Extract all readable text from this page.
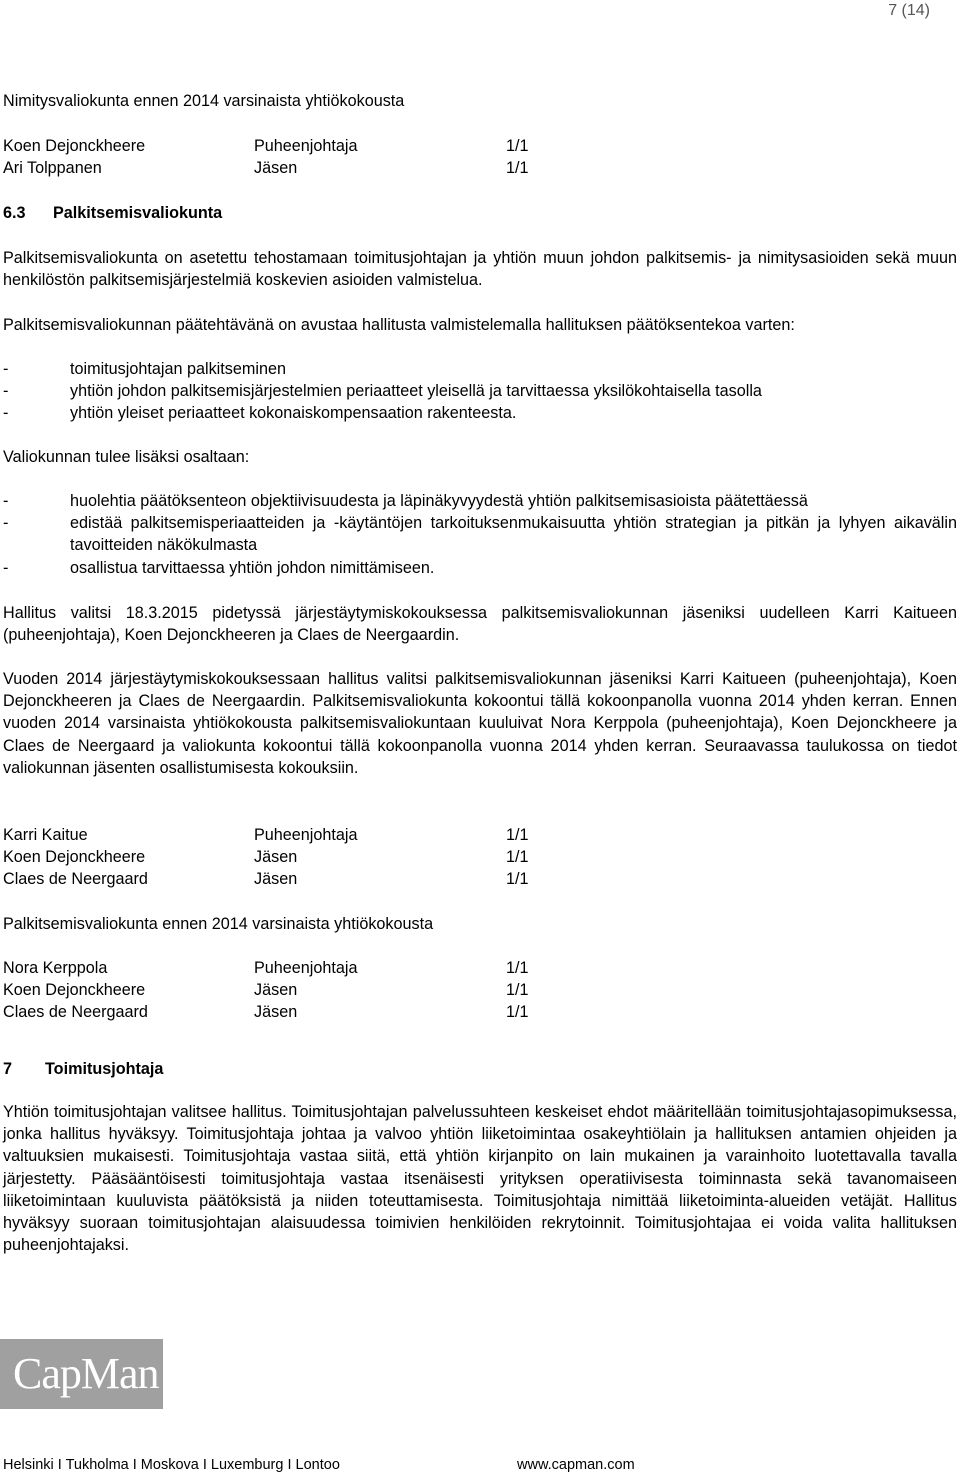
7 (14)

Nimitysvaliokunta ennen 2014 varsinaista yhtiökokousta

Koen Dejonckheere	Puheenjohtaja	1/1
Ari Tolppanen	Jäsen	1/1

6.3 Palkitsemisvaliokunta

Palkitsemisvaliokunta on asetettu tehostamaan toimitusjohtajan ja yhtiön muun johdon palkitsemis- ja nimitysasioiden sekä muun henkilöstön palkitsemisjärjestelmiä koskevien asioiden valmistelua.

Palkitsemisvaliokunnan päätehtävänä on avustaa hallitusta valmistelemalla hallituksen päätöksentekoa varten:

- toimitusjohtajan palkitseminen
- yhtiön johdon palkitsemisjärjestelmien periaatteet yleisellä ja tarvittaessa yksilökohtaisella tasolla
- yhtiön yleiset periaatteet kokonaiskompensaation rakenteesta.

Valiokunnan tulee lisäksi osaltaan:

- huolehtia päätöksenteon objektiivisuudesta ja läpinäkyvyydestä yhtiön palkitsemisasioista päätettäessä
- edistää palkitsemisperiaatteiden ja -käytäntöjen tarkoituksenmukaisuutta yhtiön strategian ja pitkän ja lyhyen aikavälin tavoitteiden näkökulmasta
- osallistua tarvittaessa yhtiön johdon nimittämiseen.

Hallitus valitsi 18.3.2015 pidetyssä järjestäytymiskokouksessa palkitsemisvaliokunnan jäseniksi uudelleen Karri Kaitueen (puheenjohtaja), Koen Dejonckheeren ja Claes de Neergaardin.

Vuoden 2014 järjestäytymiskokouksessaan hallitus valitsi palkitsemisvaliokunnan jäseniksi Karri Kaitueen (puheenjohtaja), Koen Dejonckheeren ja Claes de Neergaardin. Palkitsemisvaliokunta kokoontui tällä kokoonpanolla vuonna 2014 yhden kerran. Ennen vuoden 2014 varsinaista yhtiökokousta palkitsemisvaliokuntaan kuuluivat Nora Kerppola (puheenjohtaja), Koen Dejonckheere ja Claes de Neergaard ja valiokunta kokoontui tällä kokoonpanolla vuonna 2014 yhden kerran. Seuraavassa taulukossa on tiedot valiokunnan jäsenten osallistumisesta kokouksiin.

Karri Kaitue	Puheenjohtaja	1/1
Koen Dejonckheere	Jäsen	1/1
Claes de Neergaard	Jäsen	1/1

Palkitsemisvaliokunta ennen 2014 varsinaista yhtiökokousta

Nora Kerppola	Puheenjohtaja	1/1
Koen Dejonckheere	Jäsen	1/1
Claes de Neergaard	Jäsen	1/1

7 Toimitusjohtaja

Yhtiön toimitusjohtajan valitsee hallitus. Toimitusjohtajan palvelussuhteen keskeiset ehdot määritellään toimitusjohtajasopimuksessa, jonka hallitus hyväksyy. Toimitusjohtaja johtaa ja valvoo yhtiön liiketoimintaa osakeyhtiölain ja hallituksen antamien ohjeiden ja valtuuksien mukaisesti. Toimitusjohtaja vastaa siitä, että yhtiön kirjanpito on lain mukainen ja varainhoito luotettavalla tavalla järjestetty. Pääsääntöisesti toimitusjohtaja vastaa itsenäisesti yrityksen operatiivisesta toiminnasta sekä tavanomaiseen liiketoimintaan kuuluvista päätöksistä ja niiden toteuttamisesta. Toimitusjohtaja nimittää liiketoiminta-alueiden vetäjät. Hallitus hyväksyy suoraan toimitusjohtajan alaisuudessa toimivien henkilöiden rekrytoinnit. Toimitusjohtajaa ei voida valita hallituksen puheenjohtajaksi.

CapMan
Helsinki I Tukholma I Moskova I Luxemburg I Lontoo	www.capman.com
